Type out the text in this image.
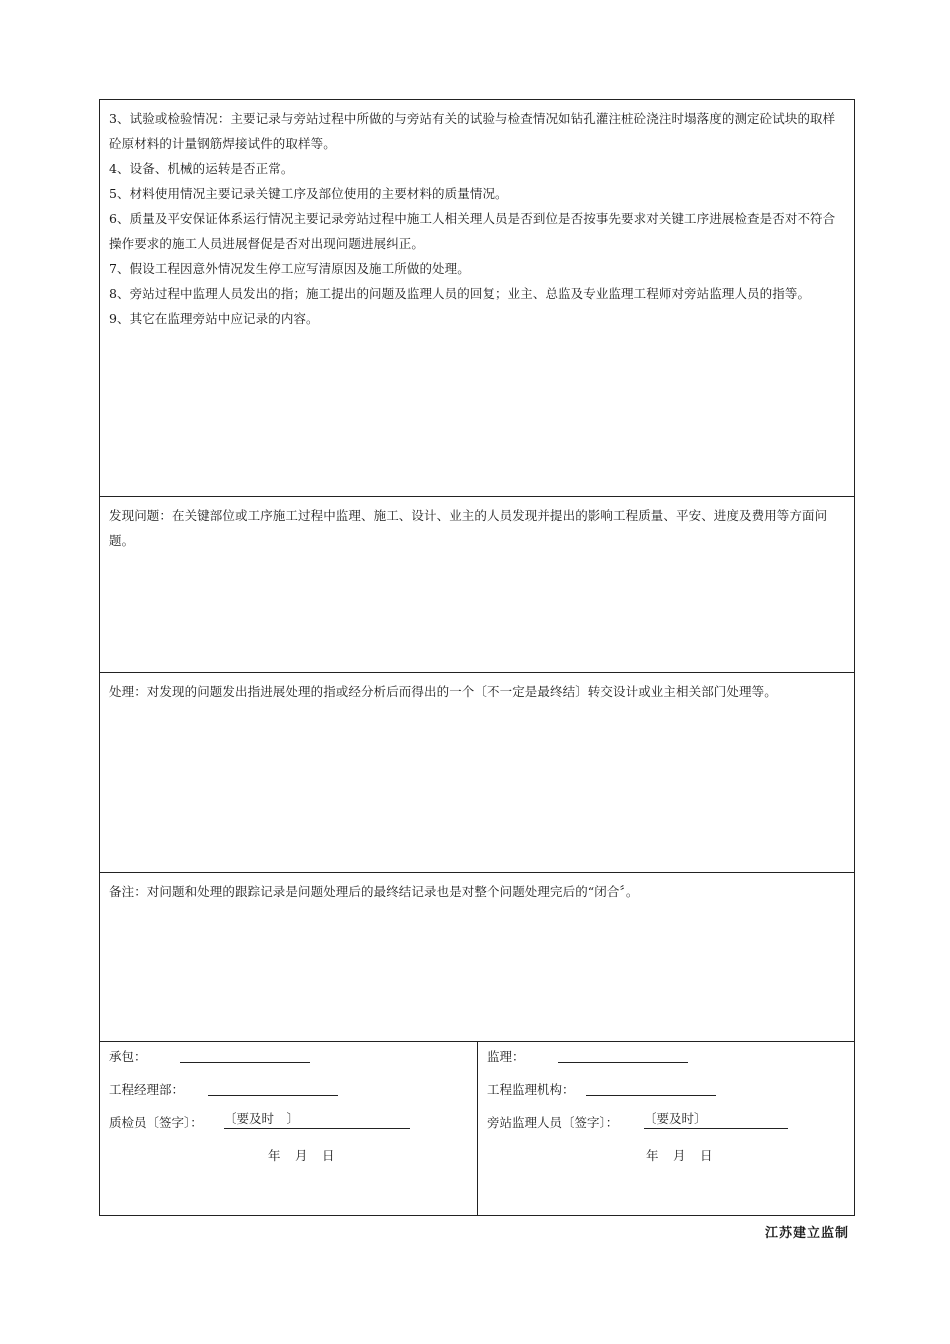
3、试验或检验情况：主要记录与旁站过程中所做的与旁站有关的试验与检查情况如钻孔灌注桩砼浇注时塌落度的测定砼试块的取样砼原材料的计量钢筋焊接试件的取样等。

4、设备、机械的运转是否正常。

5、材料使用情况主要记录关键工序及部位使用的主要材料的质量情况。

6、质量及平安保证体系运行情况主要记录旁站过程中施工人相关理人员是否到位是否按事先要求对关键工序进展检查是否对不符合操作要求的施工人员进展督促是否对出现问题进展纠正。

7、假设工程因意外情况发生停工应写清原因及施工所做的处理。

8、旁站过程中监理人员发出的指；施工提出的问题及监理人员的回复；业主、总监及专业监理工程师对旁站监理人员的指等。

9、其它在监理旁站中应记录的内容。

发现问题：在关键部位或工序施工过程中监理、施工、设计、业主的人员发现并提出的影响工程质量、平安、进度及费用等方面问题。

处理：对发现的问题发出指进展处理的指或经分析后而得出的一个〔不一定是最终结〕转交设计或业主相关部门处理等。

备注：对问题和处理的跟踪记录是问题处理后的最终结记录也是对整个问题处理完后的“闭合〞。

承包：
工程经理部：
质检员〔签字〕： 〔要及时　〕
年　月　日
监理：
工程监理机构：
旁站监理人员〔签字〕： 〔要及时〕
年　月　日
江苏建立监制
